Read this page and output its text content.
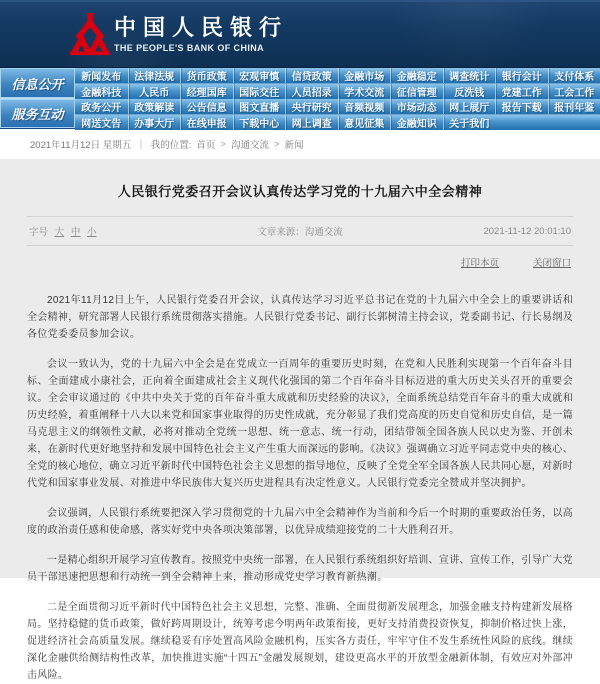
中国人民银行
THE PEOPLE'S BANK OF CHINA
信息公开	新闻发布	法律法规	货币政策	宏观审慎	信贷政策	金融市场	金融稳定	调查统计	银行会计	支付体系
金融科技	人民币	经理国库	国际交往	人员招录	学术交流	征信管理	反洗钱	党建工作	工会工作
服务互动	政务公开	政策解读	公告信息	图文直播	央行研究	音频视频	市场动态	网上展厅	报告下载	报刊年鉴
网送文告	办事大厅	在线申报	下载中心	网上调查	意见征集	金融知识	关于我们
2021年11月12日 星期五 ｜ 我的位置: 首页 > 沟通交流 > 新闻
人民银行党委召开会议认真传达学习党的十九届六中全会精神
字号 大 中 小	文章来源：沟通交流	2021-11-12 20:01:10
打印本页	关闭窗口

2021年11月12日上午，人民银行党委召开会议，认真传达学习习近平总书记在党的十九届六中全会上的重要讲话和全会精神，研究部署人民银行系统贯彻落实措施。人民银行党委书记、副行长郭树清主持会议，党委副书记、行长易纲及各位党委委员参加会议。

会议一致认为，党的十九届六中全会是在党成立一百周年的重要历史时刻，在党和人民胜利实现第一个百年奋斗目标、全面建成小康社会，正向着全面建成社会主义现代化强国的第二个百年奋斗目标迈进的重大历史关头召开的重要会议。全会审议通过的《中共中央关于党的百年奋斗重大成就和历史经验的决议》，全面系统总结党百年奋斗的重大成就和历史经验，着重阐释十八大以来党和国家事业取得的历史性成就，充分彰显了我们党高度的历史自觉和历史自信，是一篇马克思主义的纲领性文献，必将对推动全党统一思想、统一意志、统一行动，团结带领全国各族人民以史为鉴、开创未来，在新时代更好地坚持和发展中国特色社会主义产生重大而深远的影响。《决议》强调确立习近平同志党中央的核心、全党的核心地位，确立习近平新时代中国特色社会主义思想的指导地位，反映了全党全军全国各族人民共同心愿，对新时代党和国家事业发展、对推进中华民族伟大复兴历史进程具有决定性意义。人民银行党委完全赞成并坚决拥护。

会议强调，人民银行系统要把深入学习贯彻党的十九届六中全会精神作为当前和今后一个时期的重要政治任务，以高度的政治责任感和使命感，落实好党中央各项决策部署，以优异成绩迎接党的二十大胜利召开。

一是精心组织开展学习宣传教育。按照党中央统一部署，在人民银行系统组织好培训、宣讲、宣传工作，引导广大党员干部迅速把思想和行动统一到全会精神上来，推动形成党史学习教育新热潮。

二是全面贯彻习近平新时代中国特色社会主义思想，完整、准确、全面贯彻新发展理念，加强金融支持构建新发展格局。坚持稳健的货币政策，做好跨周期设计，统筹考虑今明两年政策衔接，更好支持消费投资恢复，抑制价格过快上涨，促进经济社会高质量发展。继续稳妥有序处置高风险金融机构，压实各方责任，牢牢守住不发生系统性风险的底线。继续深化金融供给侧结构性改革，加快推进实施“十四五”金融发展规划，建设更高水平的开放型金融新体制，有效应对外部冲击风险。
